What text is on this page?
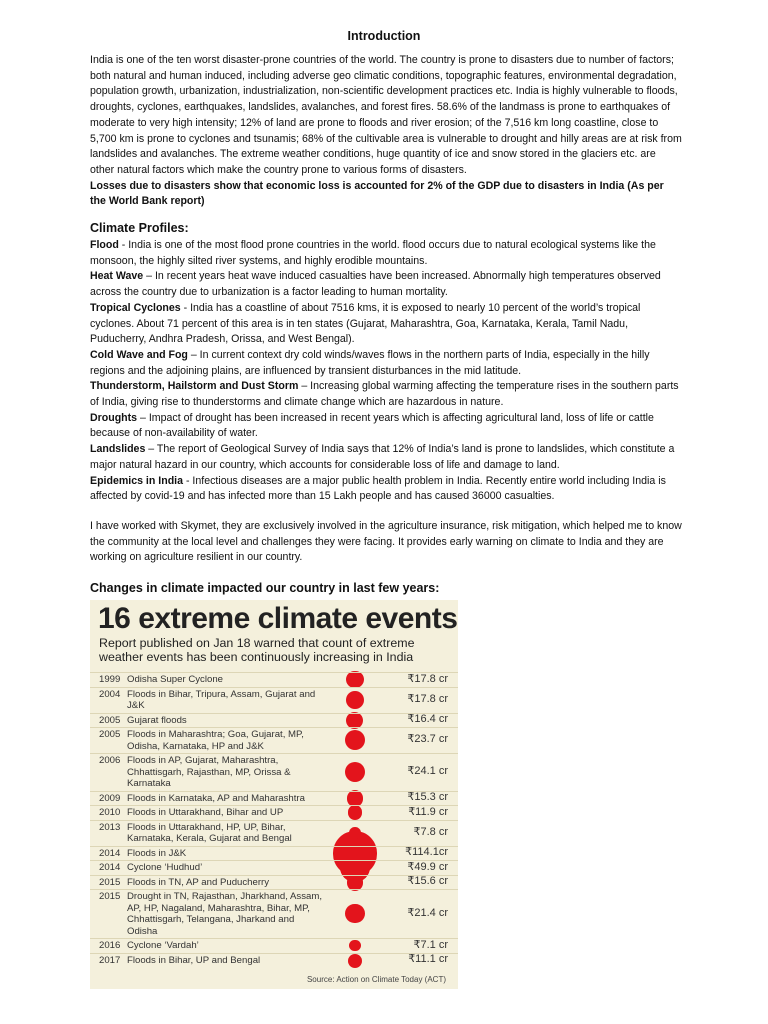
Introduction

India is one of the ten worst disaster-prone countries of the world. The country is prone to disasters due to number of factors; both natural and human induced, including adverse geo climatic conditions, topographic features, environmental degradation, population growth, urbanization, industrialization, non-scientific development practices etc. India is highly vulnerable to floods, droughts, cyclones, earthquakes, landslides, avalanches, and forest fires. 58.6% of the landmass is prone to earthquakes of moderate to very high intensity; 12% of land are prone to floods and river erosion; of the 7,516 km long coastline, close to 5,700 km is prone to cyclones and tsunamis; 68% of the cultivable area is vulnerable to drought and hilly areas are at risk from landslides and avalanches. The extreme weather conditions, huge quantity of ice and snow stored in the glaciers etc. are other natural factors which make the country prone to various forms of disasters.

Losses due to disasters show that economic loss is accounted for 2% of the GDP due to disasters in India (As per the World Bank report)

Climate Profiles:

Flood - India is one of the most flood prone countries in the world. flood occurs due to natural ecological systems like the monsoon, the highly silted river systems, and highly erodible mountains.

Heat Wave – In recent years heat wave induced casualties have been increased. Abnormally high temperatures observed across the country due to urbanization is a factor leading to human mortality.

Tropical Cyclones - India has a coastline of about 7516 kms, it is exposed to nearly 10 percent of the world’s tropical cyclones. About 71 percent of this area is in ten states (Gujarat, Maharashtra, Goa, Karnataka, Kerala, Tamil Nadu, Puducherry, Andhra Pradesh, Orissa, and West Bengal).

Cold Wave and Fog – In current context dry cold winds/waves flows in the northern parts of India, especially in the hilly regions and the adjoining plains, are influenced by transient disturbances in the mid latitude.

Thunderstorm, Hailstorm and Dust Storm – Increasing global warming affecting the temperature rises in the southern parts of India, giving rise to thunderstorms and climate change which are hazardous in nature.

Droughts – Impact of drought has been increased in recent years which is affecting agricultural land, loss of life or cattle because of non-availability of water.

Landslides – The report of Geological Survey of India says that 12% of India’s land is prone to landslides, which constitute a major natural hazard in our country, which accounts for considerable loss of life and damage to land.

Epidemics in India - Infectious diseases are a major public health problem in India. Recently entire world including India is affected by covid-19 and has infected more than 15 Lakh people and has caused 36000 casualties.

I have worked with Skymet, they are exclusively involved in the agriculture insurance, risk mitigation, which helped me to know the community at the local level and challenges they were facing. It provides early warning on climate to India and they are working on agriculture resilient in our country.
Changes in climate impacted our country in last few years:
16 extreme climate events
Report published on Jan 18 warned that count of extreme weather events has been continuously increasing in India
1999 Odisha Super Cyclone	₹17.8 cr
2004 Floods in Bihar, Tripura, Assam, Gujarat and J&K
₹17.8 cr
2005 Gujarat floods	₹16.4 cr
2005 Floods in Maharashtra; Goa, Gujarat, MP, Odisha, Karnataka, HP and J&K
₹23.7 cr
2006 Floods in AP, Gujarat, Maharashtra, Chhattisgarh, Rajasthan, MP, Orissa & Karnataka
₹24.1 cr
2009 Floods in Karnataka, AP and Maharashtra	₹15.3 cr
2010 Floods in Uttarakhand, Bihar and UP	₹11.9 cr
2013 Floods in Uttarakhand, HP, UP, Bihar, Karnataka, Kerala, Gujarat and Bengal
₹7.8 cr
2014 Floods in J&K	₹114.1cr
2014 Cyclone ‘Hudhud’	₹49.9 cr
2015 Floods in TN, AP and Puducherry	₹15.6 cr
2015 Drought in TN, Rajasthan, Jharkhand, Assam, AP, HP, Nagaland, Maharashtra, Bihar, MP, Chhattisgarh, Telangana, Jharkand and Odisha
₹21.4 cr
2016 Cyclone ‘Vardah’	₹7.1 cr
2017 Floods in Bihar, UP and Bengal	₹11.1 cr
Source: Action on Climate Today (ACT)
